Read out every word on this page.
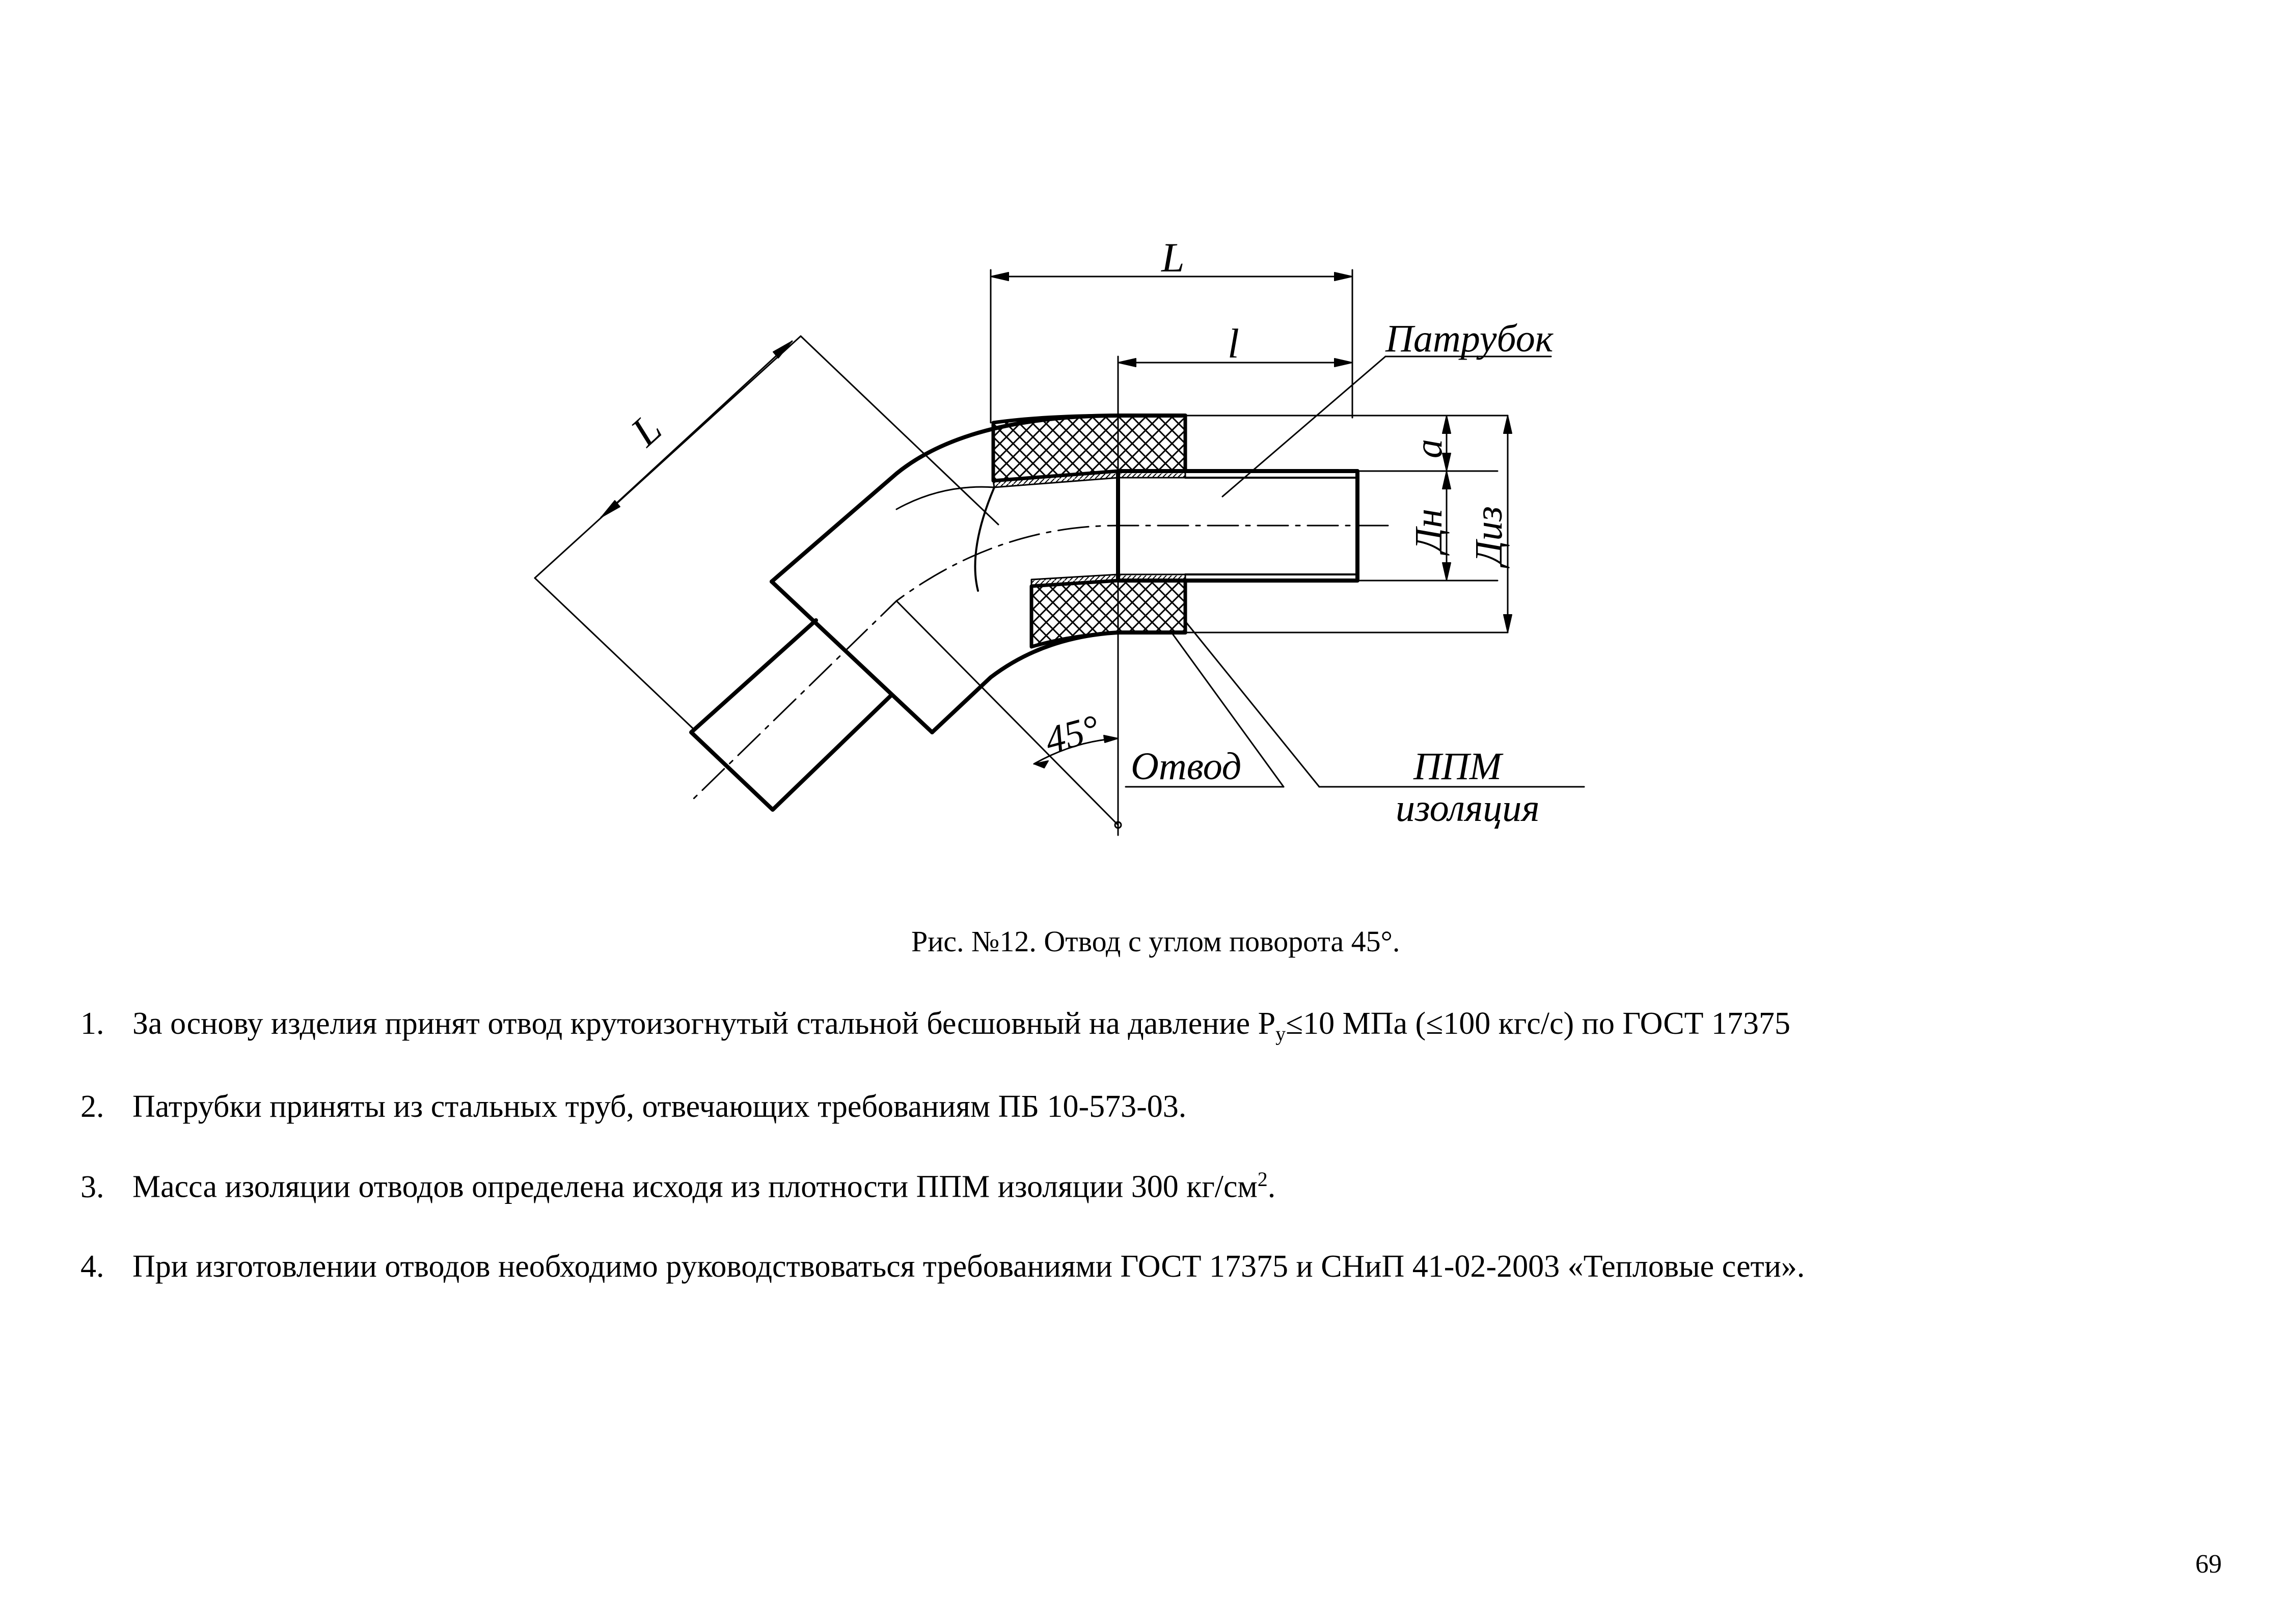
L
l	Патрубок
a
Дн Диз
L
45°
Отвод	ППМ
изоляция
Рис. №12. Отвод с углом поворота 45°.
1. За основу изделия принят отвод крутоизогнутый стальной бесшовный на давление $P_у\le 10$ МПа (≤100 кгс/с) по ГОСТ 17375
2. Патрубки приняты из стальных труб, отвечающих требованиям ПБ 10-573-03.
3. Масса изоляции отводов определена исходя из плотности ППМ изоляции 300 $кг/см^2$.
4. При изготовлении отводов необходимо руководствоваться требованиями ГОСТ 17375 и СНиП 41-02-2003 «Тепловые сети».
69
